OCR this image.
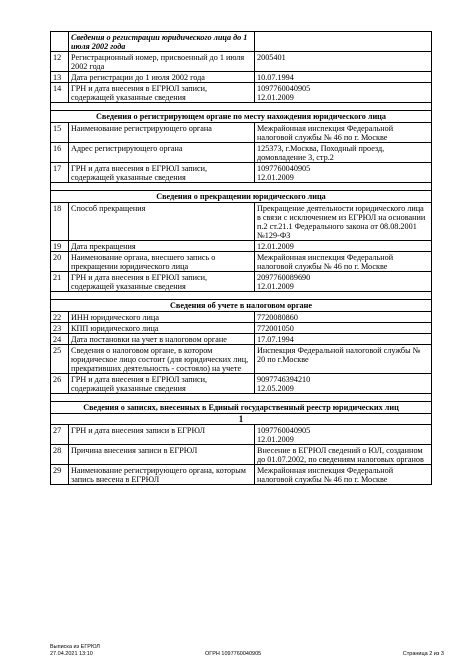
	Сведения о регистрации юридического лица до 1 июля 2002 года	
12	Регистрационный номер, присвоенный до 1 июля 2002 года	2005401
13	Дата регистрации до 1 июля 2002 года	10.07.1994
14	ГРН и дата внесения в ЕГРЮЛ записи, содержащей указанные сведения	1097760040905
12.01.2009

Сведения о регистрирующем органе по месту нахождения юридического лица		
15	Наименование регистрирующего органа	Межрайонная инспекция Федеральной налоговой службы № 46 по г. Москве
16	Адрес регистрирующего органа	125373, г.Москва, Походный проезд, домовладение 3, стр.2
17	ГРН и дата внесения в ЕГРЮЛ записи, содержащей указанные сведения	1097760040905
12.01.2009

Сведения о прекращении юридического лица		
18	Способ прекращения	Прекращение деятельности юридического лица в связи с исключением из ЕГРЮЛ на основании п.2 ст.21.1 Федерального закона от 08.08.2001 №129-ФЗ
19	Дата прекращения	12.01.2009
20	Наименование органа, внесшего запись о прекращении юридического лица	Межрайонная инспекция Федеральной налоговой службы № 46 по г. Москве
21	ГРН и дата внесения в ЕГРЮЛ записи, содержащей указанные сведения	2097760089690
12.01.2009

Сведения об учете в налоговом органе		
22	ИНН юридического лица	7720080860
23	КПП юридического лица	772001050
24	Дата постановки на учет в налоговом органе	17.07.1994
25	Сведения о налоговом органе, в котором юридическое лицо состоит (для юридических лиц, прекративших деятельность - состояло) на учете	Инспекция Федеральной налоговой службы № 20 по г.Москве
26	ГРН и дата внесения в ЕГРЮЛ записи, содержащей указанные сведения	9097746394210
12.05.2009

Сведения о записях, внесенных в Единый государственный реестр юридических лиц		
1		
27	ГРН и дата внесения записи в ЕГРЮЛ	1097760040905
12.01.2009
28	Причина внесения записи в ЕГРЮЛ	Внесение в ЕГРЮЛ сведений о ЮЛ, созданном до 01.07.2002, по сведениям налоговых органов
29	Наименование регистрирующего органа, которым запись внесена в ЕГРЮЛ	Межрайонная инспекция Федеральной налоговой службы № 46 по г. Москве
Выписка из ЕГРЮЛ
27.04.2021 13:10	ОГРН 1097760040905	Страница 2 из 3
